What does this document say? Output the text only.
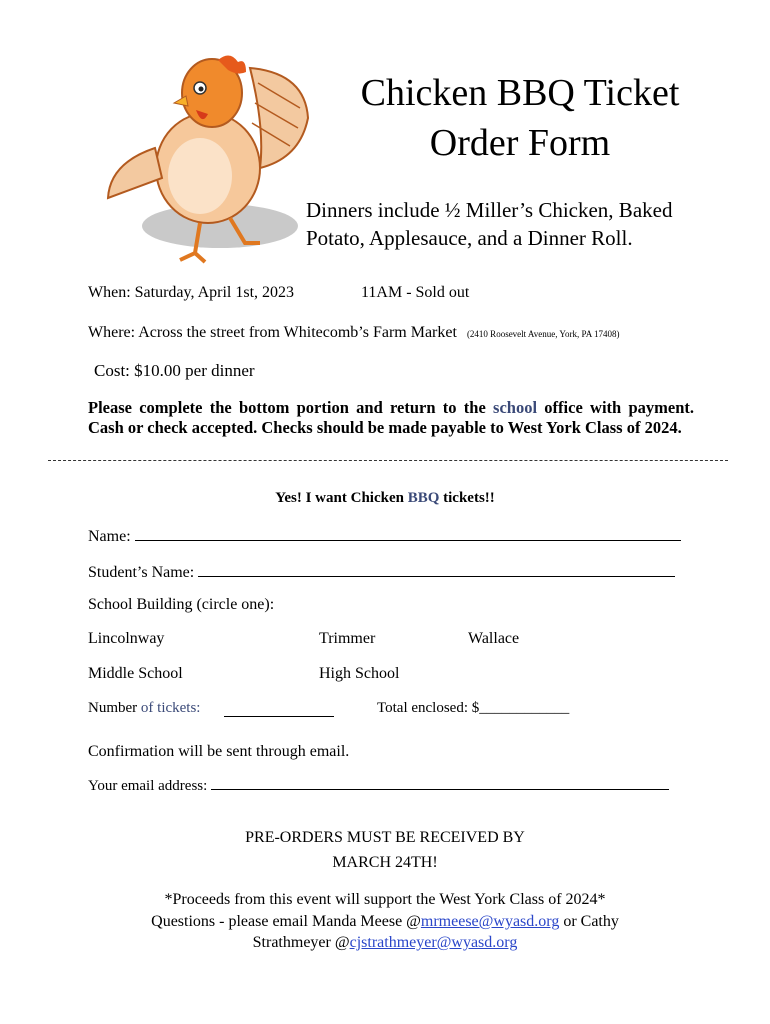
Chicken BBQ Ticket
Order Form
Dinners include ½ Miller’s Chicken, Baked
Potato, Applesauce, and a Dinner Roll.
When: Saturday, April 1st, 2023	11AM - Sold out
Where: Across the street from Whitecomb’s Farm Market (2410 Roosevelt Avenue, York, PA 17408)
Cost: $10.00 per dinner
Please complete the bottom portion and return to the school office with payment. Cash or check accepted. Checks should be made payable to West York Class of 2024.
Yes! I want Chicken BBQ tickets!!
Name:
Student’s Name:
School Building (circle one):
Lincolnway	Trimmer	Wallace
Middle School	High School
Number of tickets:	Total enclosed: $____________
Confirmation will be sent through email.
Your email address:
PRE-ORDERS MUST BE RECEIVED BY
MARCH 24TH!
*Proceeds from this event will support the West York Class of 2024*
Questions - please email Manda Meese @mrmeese@wyasd.org or Cathy
Strathmeyer @cjstrathmeyer@wyasd.org
